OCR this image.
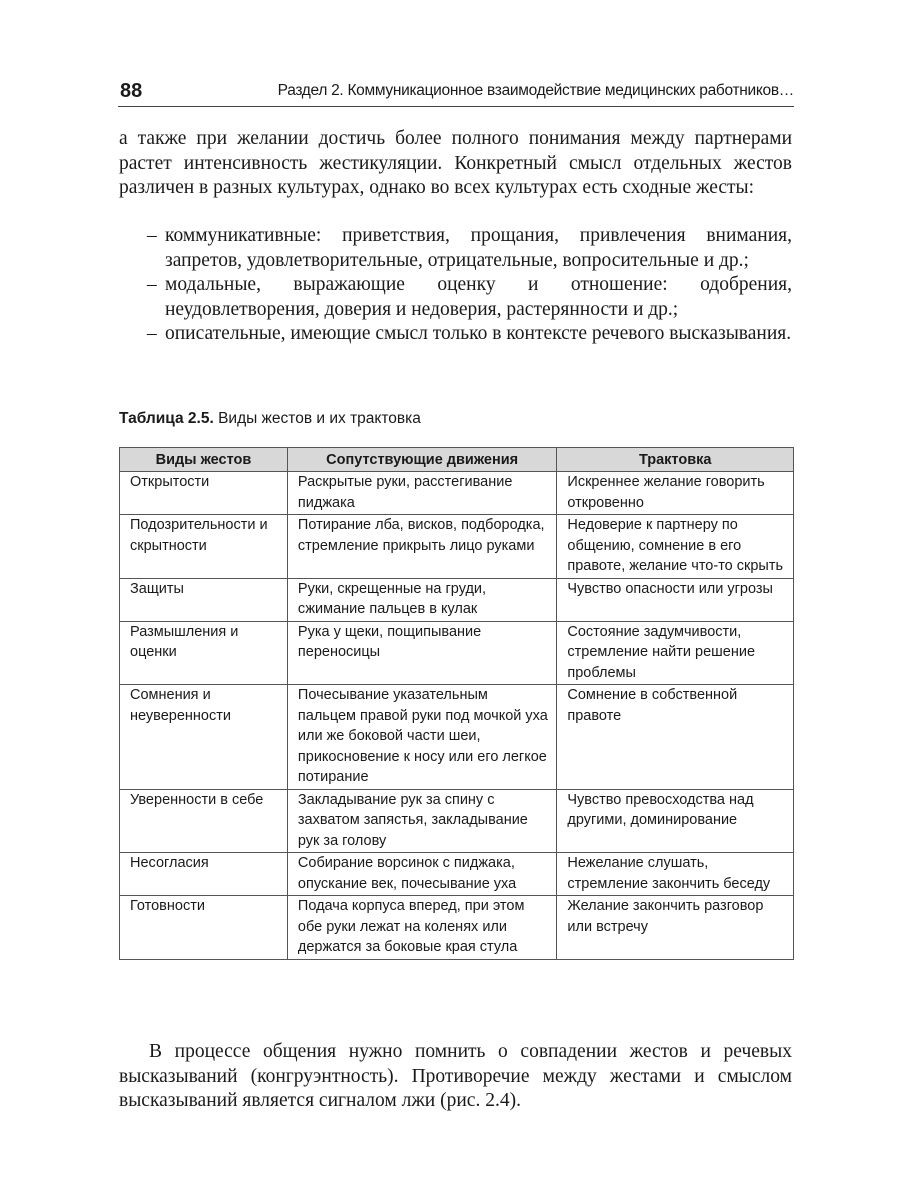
88	Раздел 2. Коммуникационное взаимодействие медицинских работников…

а также при желании достичь более полного понимания между партнерами растет интенсивность жестикуляции. Конкретный смысл отдельных жестов различен в разных культурах, однако во всех культурах есть сходные жесты:

– коммуникативные: приветствия, прощания, привлечения внимания, запретов, удовлетворительные, отрицательные, вопросительные и др.;
– модальные, выражающие оценку и отношение: одобрения, неудовлетворения, доверия и недоверия, растерянности и др.;
– описательные, имеющие смысл только в контексте речевого высказывания.
Таблица 2.5. Виды жестов и их трактовка
Виды жестов	Сопутствующие движения	Трактовка
Открытости	Раскрытые руки, расстегивание пиджака	Искреннее желание говорить откровенно
Подозрительности и скрытности	Потирание лба, висков, подбородка, стремление прикрыть лицо руками	Недоверие к партнеру по общению, сомнение в его правоте, желание что-то скрыть
Защиты	Руки, скрещенные на груди, сжимание пальцев в кулак	Чувство опасности или угрозы
Размышления и оценки	Рука у щеки, пощипывание переносицы	Состояние задумчивости, стремление найти решение проблемы
Сомнения и неуверенности	Почесывание указательным пальцем правой руки под мочкой уха или же боковой части шеи, прикосновение к носу или его легкое потирание	Сомнение в собственной правоте
Уверенности в себе	Закладывание рук за спину с захватом запястья, закладывание рук за голову	Чувство превосходства над другими, доминирование
Несогласия	Собирание ворсинок с пиджака, опускание век, почесывание уха	Нежелание слушать, стремление закончить беседу
Готовности	Подача корпуса вперед, при этом обе руки лежат на коленях или держатся за боковые края стула	Желание закончить разговор или встречу

В процессе общения нужно помнить о совпадении жестов и речевых высказываний (конгруэнтность). Противоречие между жестами и смыслом высказываний является сигналом лжи (рис. 2.4).
